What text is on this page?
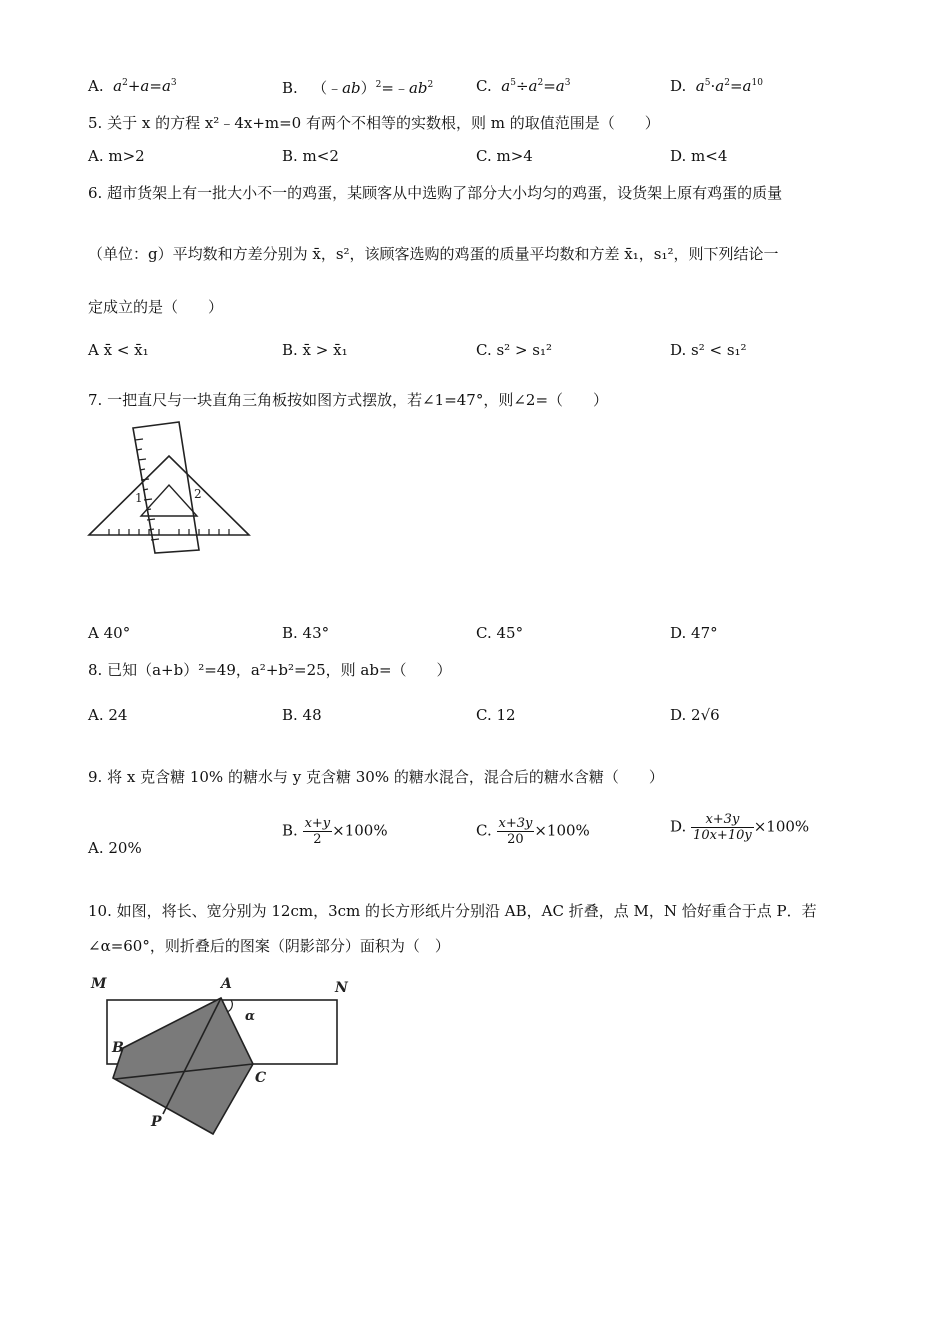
A.  $a^2+a=a^3$	B.   $(﹣ab)^2=﹣ab^2$	C.  $a^5\div a^2=a^3$	D.  $a^5\cdot a^2=a^{10}$
5. 关于 x 的方程 x²﹣4x+m=0 有两个不相等的实数根，则 m 的取值范围是（　　）
A. m>2	B. m<2	C. m>4	D. m<4
6. 超市货架上有一批大小不一的鸡蛋，某顾客从中选购了部分大小均匀的鸡蛋，设货架上原有鸡蛋的质量
（单位：g）平均数和方差分别为 x̄，s²，该顾客选购的鸡蛋的质量平均数和方差 x̄₁，s₁²，则下列结论一
定成立的是（　　）
A x̄ < x̄₁	B. x̄ > x̄₁	C. s² > s₁²	D. s² < s₁²
7. 一把直尺与一块直角三角板按如图方式摆放，若∠1=47°，则∠2=（　　）
1	2
A 40°	B. 43°	C. 45°	D. 47°
8. 已知（a+b）²=49，a²+b²=25，则 ab=（　　）
A. 24	B. 48	C. 12	D. 2√6
9. 将 x 克含糖 10% 的糖水与 y 克含糖 30% 的糖水混合，混合后的糖水含糖（　　）
A. 20%
B. $\frac{x+y}{2} \times 100\%$	C. $\frac{x+3y}{20} \times 100\%$	D. $\frac{x+3y}{10x+10y} \times 100\%$
10. 如图，将长、宽分别为 12cm，3cm 的长方形纸片分别沿 AB，AC 折叠，点 M，N 恰好重合于点 P．若
∠α=60°，则折叠后的图案（阴影部分）面积为（　）
M	N
A
B
C
P
α
